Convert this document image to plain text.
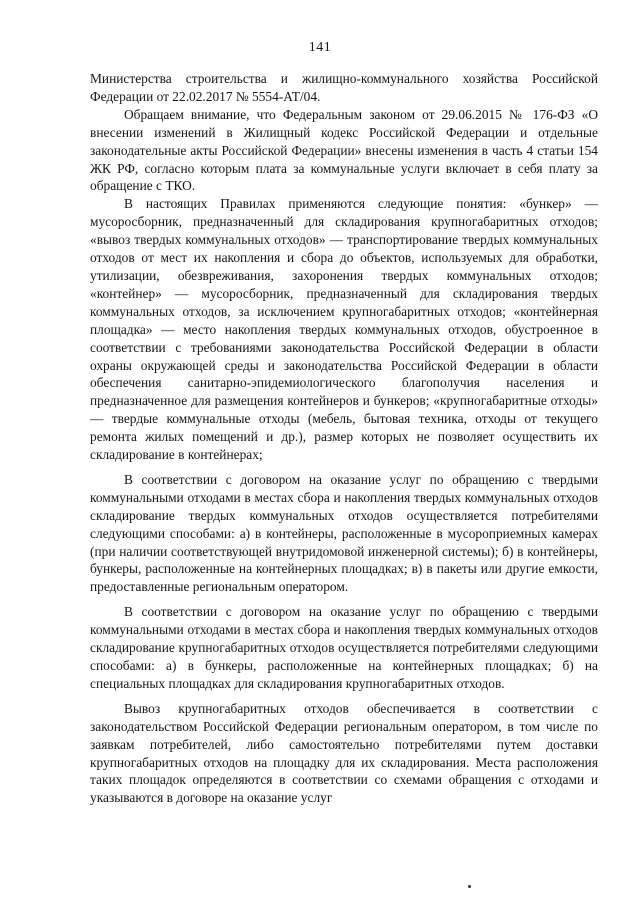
141

Министерства строительства и жилищно-коммунального хозяйства Российской Федерации от 22.02.2017 № 5554-АТ/04.

Обращаем внимание, что Федеральным законом от 29.06.2015 № 176-ФЗ «О внесении изменений в Жилищный кодекс Российской Федерации и отдельные законодательные акты Российской Федерации» внесены изменения в часть 4 статьи 154 ЖК РФ, согласно которым плата за коммунальные услуги включает в себя плату за обращение с ТКО.

В настоящих Правилах применяются следующие понятия: «бункер» — мусоросборник, предназначенный для складирования крупногабаритных отходов; «вывоз твердых коммунальных отходов» — транспортирование твердых коммунальных отходов от мест их накопления и сбора до объектов, используемых для обработки, утилизации, обезвреживания, захоронения твердых коммунальных отходов; «контейнер» — мусоросборник, предназначенный для складирования твердых коммунальных отходов, за исключением крупногабаритных отходов; «контейнерная площадка» — место накопления твердых коммунальных отходов, обустроенное в соответствии с требованиями законодательства Российской Федерации в области охраны окружающей среды и законодательства Российской Федерации в области обеспечения санитарно-эпидемиологического благополучия населения и предназначенное для размещения контейнеров и бункеров; «крупногабаритные отходы» — твердые коммунальные отходы (мебель, бытовая техника, отходы от текущего ремонта жилых помещений и др.), размер которых не позволяет осуществить их складирование в контейнерах;

В соответствии с договором на оказание услуг по обращению с твердыми коммунальными отходами в местах сбора и накопления твердых коммунальных отходов складирование твердых коммунальных отходов осуществляется потребителями следующими способами: а) в контейнеры, расположенные в мусороприемных камерах (при наличии соответствующей внутридомовой инженерной системы); б) в контейнеры, бункеры, расположенные на контейнерных площадках; в) в пакеты или другие емкости, предоставленные региональным оператором.

В соответствии с договором на оказание услуг по обращению с твердыми коммунальными отходами в местах сбора и накопления твердых коммунальных отходов складирование крупногабаритных отходов осуществляется потребителями следующими способами: а) в бункеры, расположенные на контейнерных площадках; б) на специальных площадках для складирования крупногабаритных отходов.

Вывоз крупногабаритных отходов обеспечивается в соответствии с законодательством Российской Федерации региональным оператором, в том числе по заявкам потребителей, либо самостоятельно потребителями путем доставки крупногабаритных отходов на площадку для их складирования. Места расположения таких площадок определяются в соответствии со схемами обращения с отходами и указываются в договоре на оказание услуг
